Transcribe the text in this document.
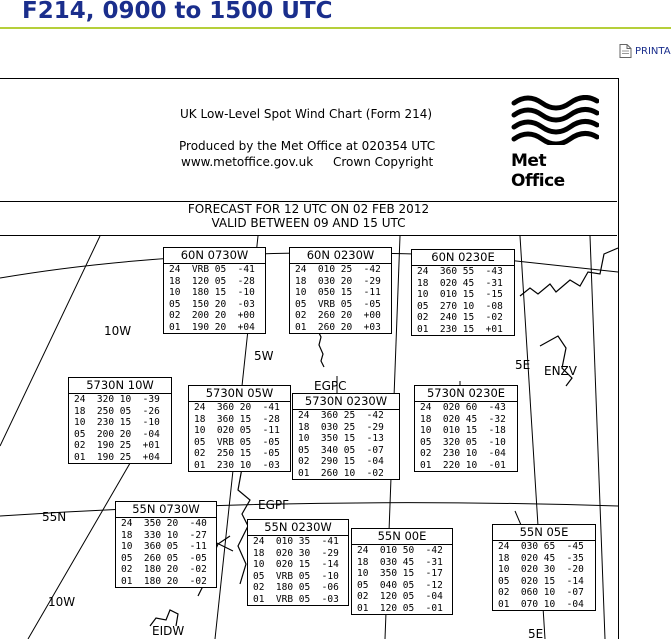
F214, 0900 to 1500 UTC
PRINTA
UK Low-Level Spot Wind Chart (Form 214)
Produced by the Met Office at 020354 UTC
www.metoffice.gov.uk Crown Copyright	Met Office
FORECAST FOR 12 UTC ON 02 FEB 2012
VALID BETWEEN 09 AND 15 UTC
10W
5W
55N
10W
5E
5E
EGPC
ENZV
EGPF
EIDW
60N 0730W
24  VRB 05  -41
18  120 05  -28
10  180 15  -10
05  150 20  -03
02  200 20  +00
01  190 20  +04
60N 0230W
24  010 25  -42
18  030 20  -29
10  050 15  -11
05  VRB 05  -05
02  260 20  +00
01  260 20  +03
60N 0230E
24  360 55  -43
18  020 45  -31
10  010 15  -15
05  270 10  -08
02  240 15  -02
01  230 15  +01
5730N 10W
24  320 10  -39
18  250 05  -26
10  230 15  -10
05  200 20  -04
02  190 25  +01
01  190 25  +04
5730N 05W
24  360 20  -41
18  360 15  -28
10  020 05  -11
05  VRB 05  -05
02  250 15  -05
01  230 10  -03
5730N 0230W
24  360 25  -42
18  030 25  -29
10  350 15  -13
05  340 05  -07
02  290 15  -04
01  260 10  -02
5730N 0230E
24  020 60  -43
18  020 45  -32
10  010 15  -18
05  320 05  -10
02  230 10  -04
01  220 10  -01
55N 0730W
24  350 20  -40
18  330 10  -27
10  360 05  -11
05  260 05  -05
02  180 20  -02
01  180 20  -02
55N 0230W
24  010 35  -41
18  020 30  -29
10  020 15  -14
05  VRB 05  -10
02  180 05  -06
01  VRB 05  -03
55N 00E
24  010 50  -42
18  030 45  -31
10  350 15  -17
05  040 05  -12
02  120 05  -04
01  120 05  -01
55N 05E
24  030 65  -45
18  020 45  -35
10  020 30  -20
05  020 15  -14
02  060 10  -07
01  070 10  -04
